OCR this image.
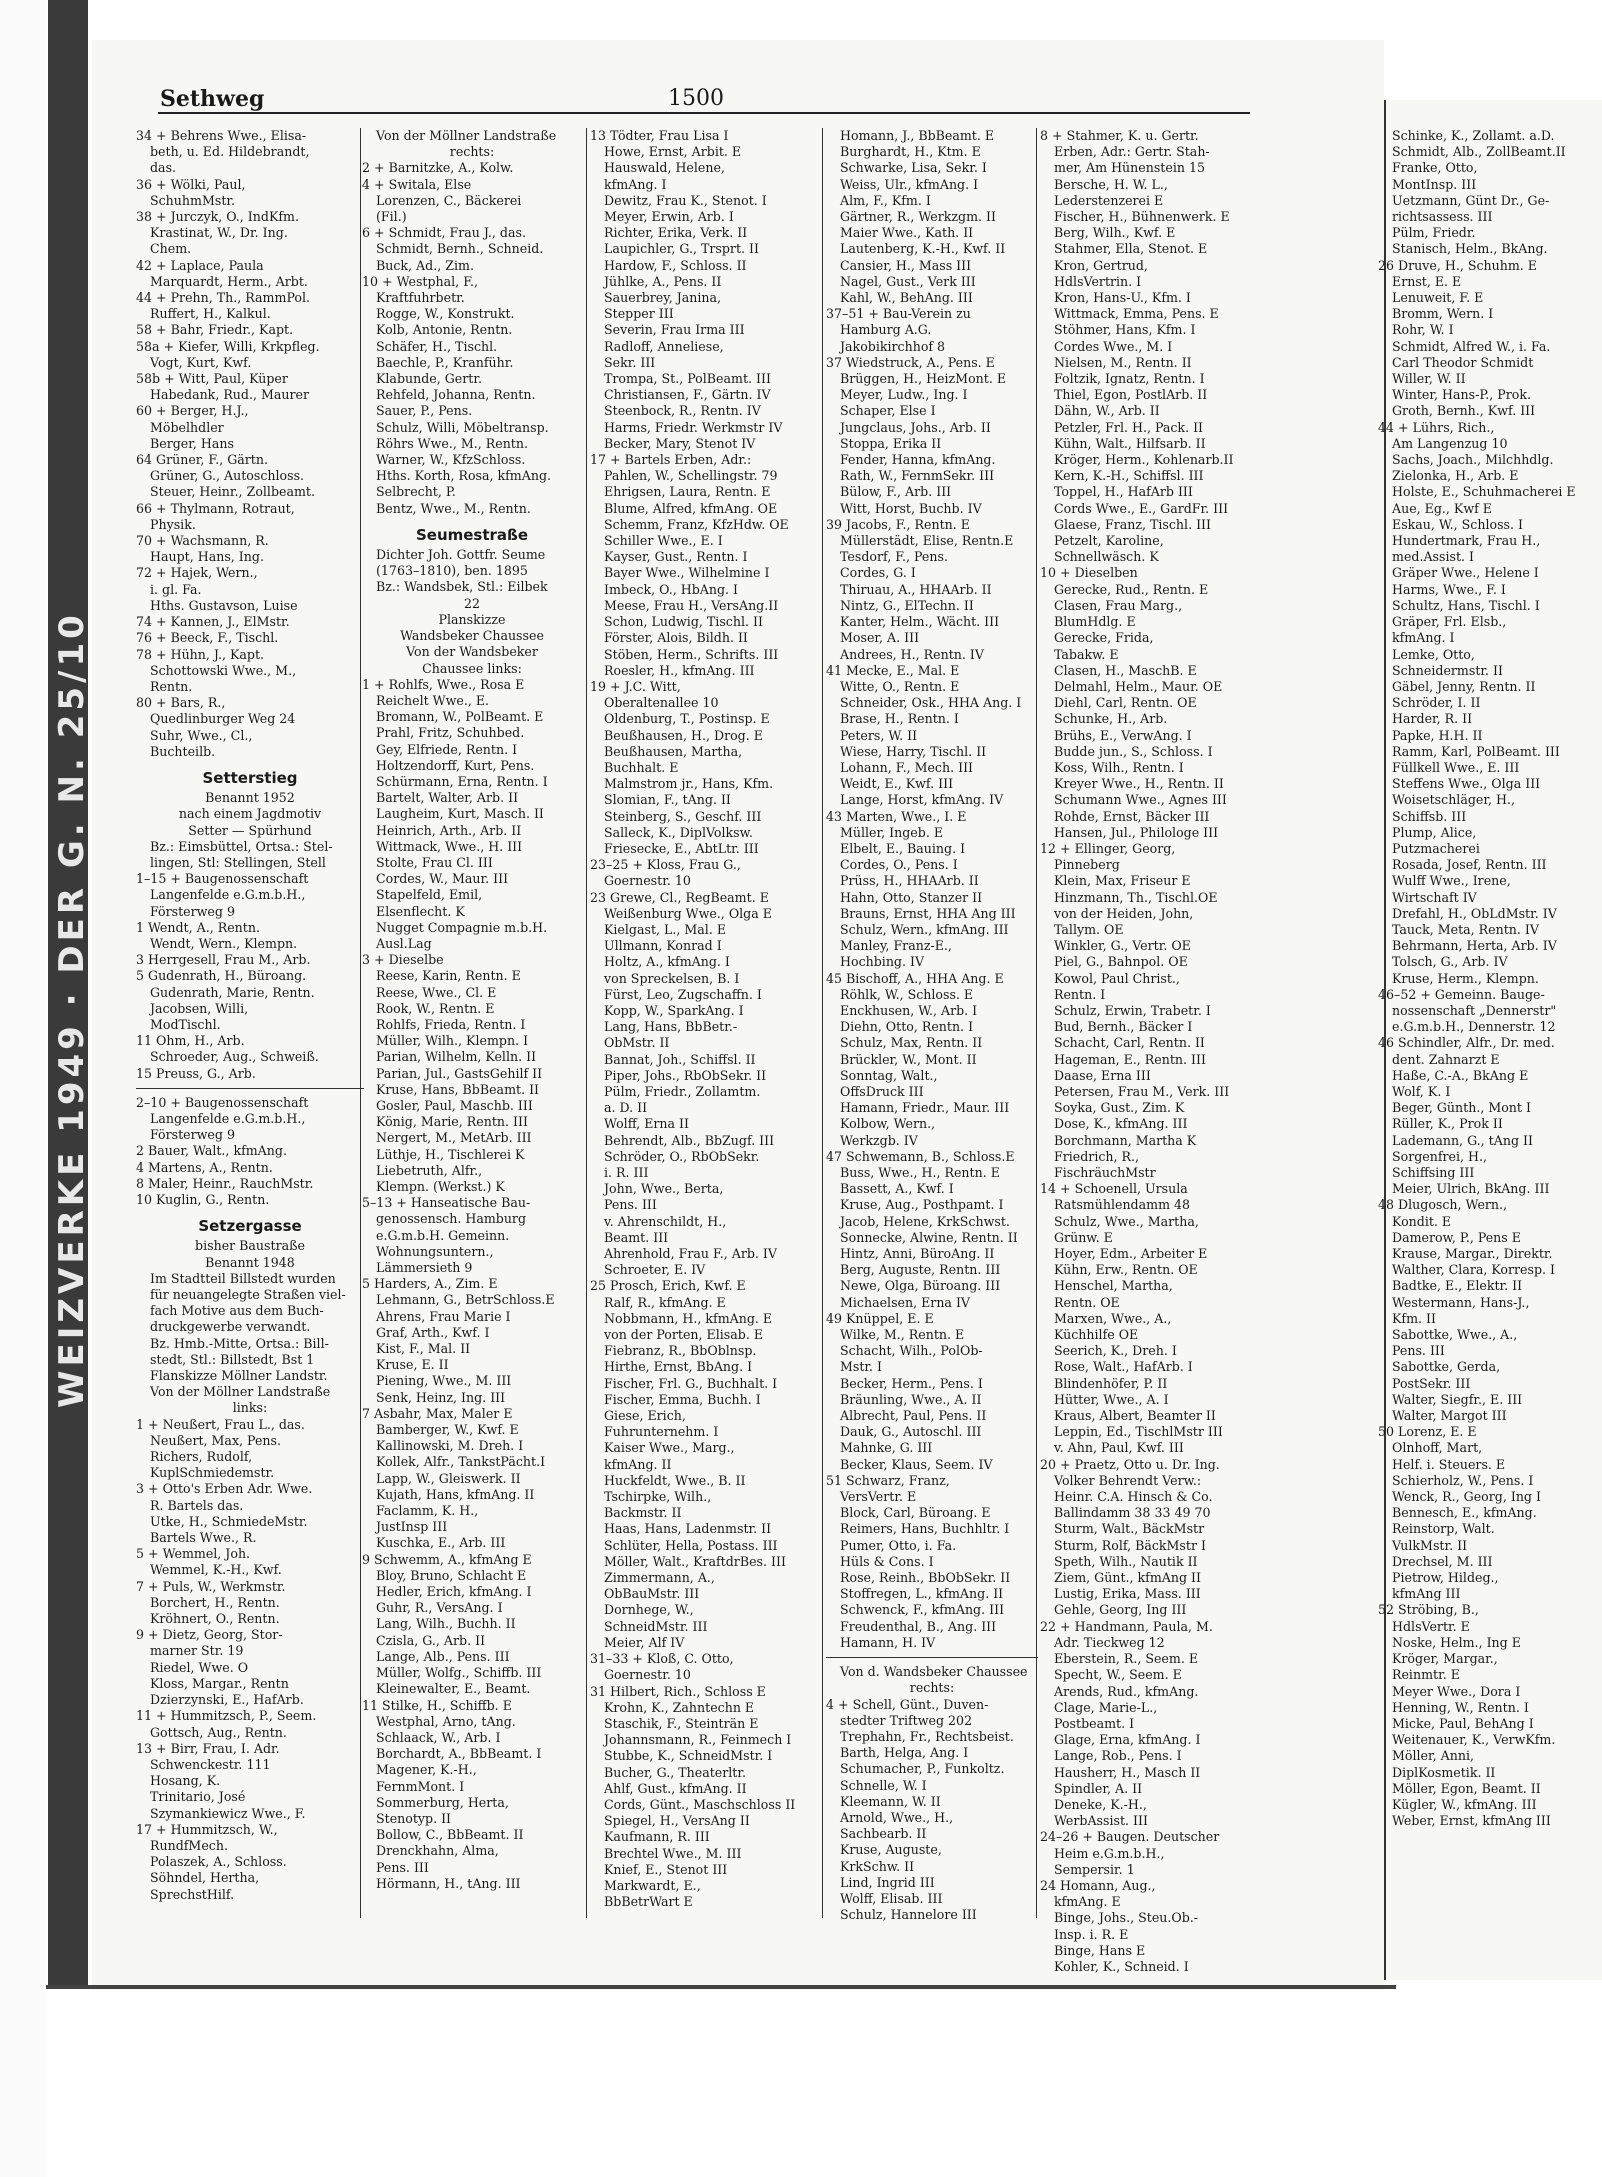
WEIZVERKE 1949 · DER G. N. 25/10
Sethweg	1500

34 + Behrens Wwe., Elisa-

beth, u. Ed. Hildebrandt,

das.

36 + Wölki, Paul,

SchuhmMstr.

38 + Jurczyk, O., IndKfm.

Krastinat, W., Dr. Ing.

Chem.

42 + Laplace, Paula

Marquardt, Herm., Arbt.

44 + Prehn, Th., RammPol.

Ruffert, H., Kalkul.

58 + Bahr, Friedr., Kapt.

58a + Kiefer, Willi, Krkpfleg.

Vogt, Kurt, Kwf.

58b + Witt, Paul, Küper

Habedank, Rud., Maurer

60 + Berger, H.J.,

Möbelhdler

Berger, Hans

64 Grüner, F., Gärtn.

Grüner, G., Autoschloss.

Steuer, Heinr., Zollbeamt.

66 + Thylmann, Rotraut,

Physik.

70 + Wachsmann, R.

Haupt, Hans, Ing.

72 + Hajek, Wern.,

i. gl. Fa.

Hths. Gustavson, Luise

74 + Kannen, J., ElMstr.

76 + Beeck, F., Tischl.

78 + Hühn, J., Kapt.

Schottowski Wwe., M.,

Rentn.

80 + Bars, R.,

Quedlinburger Weg 24

Suhr, Wwe., Cl.,

Buchteilb.

Setterstieg

Benannt 1952

nach einem Jagdmotiv

Setter — Spürhund

Bz.: Eimsbüttel, Ortsa.: Stel-

lingen, Stl: Stellingen, Stell

1–15 + Baugenossenschaft

Langenfelde e.G.m.b.H.,

Försterweg 9

1 Wendt, A., Rentn.

Wendt, Wern., Klempn.

3 Herrgesell, Frau M., Arb.

5 Gudenrath, H., Büroang.

Gudenrath, Marie, Rentn.

Jacobsen, Willi,

ModTischl.

11 Ohm, H., Arb.

Schroeder, Aug., Schweiß.

15 Preuss, G., Arb.

2–10 + Baugenossenschaft

Langenfelde e.G.m.b.H.,

Försterweg 9

2 Bauer, Walt., kfmAng.

4 Martens, A., Rentn.

8 Maler, Heinr., RauchMstr.

10 Kuglin, G., Rentn.

Setzergasse

bisher Baustraße

Benannt 1948

Im Stadtteil Billstedt wurden

für neuangelegte Straßen viel-

fach Motive aus dem Buch-

druckgewerbe verwandt.

Bz. Hmb.-Mitte, Ortsa.: Bill-

stedt, Stl.: Billstedt, Bst 1

Flanskizze Möllner Landstr.

Von der Möllner Landstraße

links:

1 + Neußert, Frau L., das.

Neußert, Max, Pens.

Richers, Rudolf,

KuplSchmiedemstr.

3 + Otto's Erben Adr. Wwe.

R. Bartels das.

Utke, H., SchmiedeMstr.

Bartels Wwe., R.

5 + Wemmel, Joh.

Wemmel, K.-H., Kwf.

7 + Puls, W., Werkmstr.

Borchert, H., Rentn.

Kröhnert, O., Rentn.

9 + Dietz, Georg, Stor-

marner Str. 19

Riedel, Wwe. O

Kloss, Margar., Rentn

Dzierzynski, E., HafArb.

11 + Hummitzsch, P., Seem.

Gottsch, Aug., Rentn.

13 + Birr, Frau, I. Adr.

Schwenckestr. 111

Hosang, K.

Trinitario, José

Szymankiewicz Wwe., F.

17 + Hummitzsch, W.,

RundfMech.

Polaszek, A., Schloss.

Söhndel, Hertha,

SprechstHilf.

Von der Möllner Landstraße

rechts:

2 + Barnitzke, A., Kolw.

4 + Switala, Else

Lorenzen, C., Bäckerei

(Fil.)

6 + Schmidt, Frau J., das.

Schmidt, Bernh., Schneid.

Buck, Ad., Zim.

10 + Westphal, F.,

Kraftfuhrbetr.

Rogge, W., Konstrukt.

Kolb, Antonie, Rentn.

Schäfer, H., Tischl.

Baechle, P., Kranführ.

Klabunde, Gertr.

Rehfeld, Johanna, Rentn.

Sauer, P., Pens.

Schulz, Willi, Möbeltransp.

Röhrs Wwe., M., Rentn.

Warner, W., KfzSchloss.

Hths. Korth, Rosa, kfmAng.

Selbrecht, P.

Bentz, Wwe., M., Rentn.

Seumestraße

Dichter Joh. Gottfr. Seume

(1763–1810), ben. 1895

Bz.: Wandsbek, Stl.: Eilbek

22

Planskizze

Wandsbeker Chaussee

Von der Wandsbeker

Chaussee links:

1 + Rohlfs, Wwe., Rosa E

Reichelt Wwe., E.

Bromann, W., PolBeamt. E

Prahl, Fritz, Schuhbed.

Gey, Elfriede, Rentn. I

Holtzendorff, Kurt, Pens.

Schürmann, Erna, Rentn. I

Bartelt, Walter, Arb. II

Laugheim, Kurt, Masch. II

Heinrich, Arth., Arb. II

Wittmack, Wwe., H. III

Stolte, Frau Cl. III

Cordes, W., Maur. III

Stapelfeld, Emil,

Elsenflecht. K

Nugget Compagnie m.b.H.

Ausl.Lag

3 + Dieselbe

Reese, Karin, Rentn. E

Reese, Wwe., Cl. E

Rook, W., Rentn. E

Rohlfs, Frieda, Rentn. I

Müller, Wilh., Klempn. I

Parian, Wilhelm, Kelln. II

Parian, Jul., GastsGehilf II

Kruse, Hans, BbBeamt. II

Gosler, Paul, Maschb. III

König, Marie, Rentn. III

Nergert, M., MetArb. III

Lüthje, H., Tischlerei K

Liebetruth, Alfr.,

Klempn. (Werkst.) K

5–13 + Hanseatische Bau-

genossensch. Hamburg

e.G.m.b.H. Gemeinn.

Wohnungsuntern.,

Lämmersieth 9

5 Harders, A., Zim. E

Lehmann, G., BetrSchloss.E

Ahrens, Frau Marie I

Graf, Arth., Kwf. I

Kist, F., Mal. II

Kruse, E. II

Piening, Wwe., M. III

Senk, Heinz, Ing. III

7 Asbahr, Max, Maler E

Bamberger, W., Kwf. E

Kallinowski, M. Dreh. I

Kollek, Alfr., TankstPächt.I

Lapp, W., Gleiswerk. II

Kujath, Hans, kfmAng. II

Faclamm, K. H.,

JustInsp III

Kuschka, E., Arb. III

9 Schwemm, A., kfmAng E

Bloy, Bruno, Schlacht E

Hedler, Erich, kfmAng. I

Guhr, R., VersAng. I

Lang, Wilh., Buchh. II

Czisla, G., Arb. II

Lange, Alb., Pens. III

Müller, Wolfg., Schiffb. III

Kleinewalter, E., Beamt.

11 Stilke, H., Schiffb. E

Westphal, Arno, tAng.

Schlaack, W., Arb. I

Borchardt, A., BbBeamt. I

Magener, K.-H.,

FernmMont. I

Sommerburg, Herta,

Stenotyp. II

Bollow, C., BbBeamt. II

Drenckhahn, Alma,

Pens. III

Hörmann, H., tAng. III

13 Tödter, Frau Lisa I

Howe, Ernst, Arbit. E

Hauswald, Helene,

kfmAng. I

Dewitz, Frau K., Stenot. I

Meyer, Erwin, Arb. I

Richter, Erika, Verk. II

Laupichler, G., Trsprt. II

Hardow, F., Schloss. II

Jühlke, A., Pens. II

Sauerbrey, Janina,

Stepper III

Severin, Frau Irma III

Radloff, Anneliese,

Sekr. III

Trompa, St., PolBeamt. III

Christiansen, F., Gärtn. IV

Steenbock, R., Rentn. IV

Harms, Friedr. Werkmstr IV

Becker, Mary, Stenot IV

17 + Bartels Erben, Adr.:

Pahlen, W., Schellingstr. 79

Ehrigsen, Laura, Rentn. E

Blume, Alfred, kfmAng. OE

Schemm, Franz, KfzHdw. OE

Schiller Wwe., E. I

Kayser, Gust., Rentn. I

Bayer Wwe., Wilhelmine I

Imbeck, O., HbAng. I

Meese, Frau H., VersAng.II

Schon, Ludwig, Tischl. II

Förster, Alois, Bildh. II

Stöben, Herm., Schrifts. III

Roesler, H., kfmAng. III

19 + J.C. Witt,

Oberaltenallee 10

Oldenburg, T., Postinsp. E

Beußhausen, H., Drog. E

Beußhausen, Martha,

Buchhalt. E

Malmstrom jr., Hans, Kfm.

Slomian, F., tAng. II

Steinberg, S., Geschf. III

Salleck, K., DiplVolksw.

Friesecke, E., AbtLtr. III

23–25 + Kloss, Frau G.,

Goernestr. 10

23 Grewe, Cl., RegBeamt. E

Weißenburg Wwe., Olga E

Kielgast, L., Mal. E

Ullmann, Konrad I

Holtz, A., kfmAng. I

von Spreckelsen, B. I

Fürst, Leo, Zugschaffn. I

Kopp, W., SparkAng. I

Lang, Hans, BbBetr.-

ObMstr. II

Bannat, Joh., Schiffsl. II

Piper, Johs., RbObSekr. II

Pülm, Friedr., Zollamtm.

a. D. II

Wolff, Erna II

Behrendt, Alb., BbZugf. III

Schröder, O., RbObSekr.

i. R. III

John, Wwe., Berta,

Pens. III

v. Ahrenschildt, H.,

Beamt. III

Ahrenhold, Frau F., Arb. IV

Schroeter, E. IV

25 Prosch, Erich, Kwf. E

Ralf, R., kfmAng. E

Nobbmann, H., kfmAng. E

von der Porten, Elisab. E

Fiebranz, R., BbOblnsp.

Hirthe, Ernst, BbAng. I

Fischer, Frl. G., Buchhalt. I

Fischer, Emma, Buchh. I

Giese, Erich,

Fuhrunternehm. I

Kaiser Wwe., Marg.,

kfmAng. II

Huckfeldt, Wwe., B. II

Tschirpke, Wilh.,

Backmstr. II

Haas, Hans, Ladenmstr. II

Schlüter, Hella, Postass. III

Möller, Walt., KraftdrBes. III

Zimmermann, A.,

ObBauMstr. III

Dornhege, W.,

SchneidMstr. III

Meier, Alf IV

31–33 + Kloß, C. Otto,

Goernestr. 10

31 Hilbert, Rich., Schloss E

Krohn, K., Zahntechn E

Staschik, F., Steinträn E

Johannsmann, R., Feinmech I

Stubbe, K., SchneidMstr. I

Bucher, G., Theaterltr.

Ahlf, Gust., kfmAng. II

Cords, Günt., Maschschloss II

Spiegel, H., VersAng II

Kaufmann, R. III

Brechtel Wwe., M. III

Knief, E., Stenot III

Markwardt, E.,

BbBetrWart E

Homann, J., BbBeamt. E

Burghardt, H., Ktm. E

Schwarke, Lisa, Sekr. I

Weiss, Ulr., kfmAng. I

Alm, F., Kfm. I

Gärtner, R., Werkzgm. II

Maier Wwe., Kath. II

Lautenberg, K.-H., Kwf. II

Cansier, H., Mass III

Nagel, Gust., Verk III

Kahl, W., BehAng. III

37–51 + Bau-Verein zu

Hamburg A.G.

Jakobikirchhof 8

37 Wiedstruck, A., Pens. E

Brüggen, H., HeizMont. E

Meyer, Ludw., Ing. I

Schaper, Else I

Jungclaus, Johs., Arb. II

Stoppa, Erika II

Fender, Hanna, kfmAng.

Rath, W., FernmSekr. III

Bülow, F., Arb. III

Witt, Horst, Buchb. IV

39 Jacobs, F., Rentn. E

Müllerstädt, Elise, Rentn.E

Tesdorf, F., Pens.

Cordes, G. I

Thiruau, A., HHAArb. II

Nintz, G., ElTechn. II

Kanter, Helm., Wächt. III

Moser, A. III

Andrees, H., Rentn. IV

41 Mecke, E., Mal. E

Witte, O., Rentn. E

Schneider, Osk., HHA Ang. I

Brase, H., Rentn. I

Peters, W. II

Wiese, Harry, Tischl. II

Lohann, F., Mech. III

Weidt, E., Kwf. III

Lange, Horst, kfmAng. IV

43 Marten, Wwe., I. E

Müller, Ingeb. E

Elbelt, E., Bauing. I

Cordes, O., Pens. I

Prüss, H., HHAArb. II

Hahn, Otto, Stanzer II

Brauns, Ernst, HHA Ang III

Schulz, Wern., kfmAng. III

Manley, Franz-E.,

Hochbing. IV

45 Bischoff, A., HHA Ang. E

Röhlk, W., Schloss. E

Enckhusen, W., Arb. I

Diehn, Otto, Rentn. I

Schulz, Max, Rentn. II

Brückler, W., Mont. II

Sonntag, Walt.,

OffsDruck III

Hamann, Friedr., Maur. III

Kolbow, Wern.,

Werkzgb. IV

47 Schwemann, B., Schloss.E

Buss, Wwe., H., Rentn. E

Bassett, A., Kwf. I

Kruse, Aug., Posthpamt. I

Jacob, Helene, KrkSchwst.

Sonnecke, Alwine, Rentn. II

Hintz, Anni, BüroAng. II

Berg, Auguste, Rentn. III

Newe, Olga, Büroang. III

Michaelsen, Erna IV

49 Knüppel, E. E

Wilke, M., Rentn. E

Schacht, Wilh., PolOb-

Mstr. I

Becker, Herm., Pens. I

Bräunling, Wwe., A. II

Albrecht, Paul, Pens. II

Dauk, G., Autoschl. III

Mahnke, G. III

Becker, Klaus, Seem. IV

51 Schwarz, Franz,

VersVertr. E

Block, Carl, Büroang. E

Reimers, Hans, Buchhltr. I

Pumer, Otto, i. Fa.

Hüls & Cons. I

Rose, Reinh., BbObSekr. II

Stoffregen, L., kfmAng. II

Schwenck, F., kfmAng. III

Freudenthal, B., Ang. III

Hamann, H. IV

Von d. Wandsbeker Chaussee

rechts:

4 + Schell, Günt., Duven-

stedter Triftweg 202

Trephahn, Fr., Rechtsbeist.

Barth, Helga, Ang. I

Schumacher, P., Funkoltz.

Schnelle, W. I

Kleemann, W. II

Arnold, Wwe., H.,

Sachbearb. II

Kruse, Auguste,

KrkSchw. II

Lind, Ingrid III

Wolff, Elisab. III

Schulz, Hannelore III

8 + Stahmer, K. u. Gertr.

Erben, Adr.: Gertr. Stah-

mer, Am Hünenstein 15

Bersche, H. W. L.,

Lederstenzerei E

Fischer, H., Bühnenwerk. E

Berg, Wilh., Kwf. E

Stahmer, Ella, Stenot. E

Kron, Gertrud,

HdlsVertrin. I

Kron, Hans-U., Kfm. I

Wittmack, Emma, Pens. E

Stöhmer, Hans, Kfm. I

Cordes Wwe., M. I

Nielsen, M., Rentn. II

Foltzik, Ignatz, Rentn. I

Thiel, Egon, PostlArb. II

Dähn, W., Arb. II

Petzler, Frl. H., Pack. II

Kühn, Walt., Hilfsarb. II

Kröger, Herm., Kohlenarb.II

Kern, K.-H., Schiffsl. III

Toppel, H., HafArb III

Cords Wwe., E., GardFr. III

Glaese, Franz, Tischl. III

Petzelt, Karoline,

Schnellwäsch. K

10 + Dieselben

Gerecke, Rud., Rentn. E

Clasen, Frau Marg.,

BlumHdlg. E

Gerecke, Frida,

Tabakw. E

Clasen, H., MaschB. E

Delmahl, Helm., Maur. OE

Diehl, Carl, Rentn. OE

Schunke, H., Arb.

Brühs, E., VerwAng. I

Budde jun., S., Schloss. I

Koss, Wilh., Rentn. I

Kreyer Wwe., H., Rentn. II

Schumann Wwe., Agnes III

Rohde, Ernst, Bäcker III

Hansen, Jul., Philologe III

12 + Ellinger, Georg,

Pinneberg

Klein, Max, Friseur E

Hinzmann, Th., Tischl.OE

von der Heiden, John,

Tallym. OE

Winkler, G., Vertr. OE

Piel, G., Bahnpol. OE

Kowol, Paul Christ.,

Rentn. I

Schulz, Erwin, Trabetr. I

Bud, Bernh., Bäcker I

Schacht, Carl, Rentn. II

Hageman, E., Rentn. III

Daase, Erna III

Petersen, Frau M., Verk. III

Soyka, Gust., Zim. K

Dose, K., kfmAng. III

Borchmann, Martha K

Friedrich, R.,

FischräuchMstr

14 + Schoenell, Ursula

Ratsmühlendamm 48

Schulz, Wwe., Martha,

Grünw. E

Hoyer, Edm., Arbeiter E

Kühn, Erw., Rentn. OE

Henschel, Martha,

Rentn. OE

Marxen, Wwe., A.,

Küchhilfe OE

Seerich, K., Dreh. I

Rose, Walt., HafArb. I

Blindenhöfer, P. II

Hütter, Wwe., A. I

Kraus, Albert, Beamter II

Leppin, Ed., TischlMstr III

v. Ahn, Paul, Kwf. III

20 + Praetz, Otto u. Dr. Ing.

Volker Behrendt Verw.:

Heinr. C.A. Hinsch & Co.

Ballindamm 38 33 49 70

Sturm, Walt., BäckMstr

Sturm, Rolf, BäckMstr I

Speth, Wilh., Nautik II

Ziem, Günt., kfmAng II

Lustig, Erika, Mass. III

Gehle, Georg, Ing III

22 + Handmann, Paula, M.

Adr. Tieckweg 12

Eberstein, R., Seem. E

Specht, W., Seem. E

Arends, Rud., kfmAng.

Clage, Marie-L.,

Postbeamt. I

Glage, Erna, kfmAng. I

Lange, Rob., Pens. I

Hausherr, H., Masch II

Spindler, A. II

Deneke, K.-H.,

WerbAssist. III

24–26 + Baugen. Deutscher

Heim e.G.m.b.H.,

Sempersir. 1

24 Homann, Aug.,

kfmAng. E

Binge, Johs., Steu.Ob.-

Insp. i. R. E

Binge, Hans E

Kohler, K., Schneid. I

Schinke, K., Zollamt. a.D.

Schmidt, Alb., ZollBeamt.II

Franke, Otto,

MontInsp. III

Uetzmann, Günt Dr., Ge-

richtsassess. III

Pülm, Friedr.

Stanisch, Helm., BkAng.

26 Druve, H., Schuhm. E

Ernst, E. E

Lenuweit, F. E

Bromm, Wern. I

Rohr, W. I

Schmidt, Alfred W., i. Fa.

Carl Theodor Schmidt

Willer, W. II

Winter, Hans-P., Prok.

Groth, Bernh., Kwf. III

44 + Lührs, Rich.,

Am Langenzug 10

Sachs, Joach., Milchhdlg.

Zielonka, H., Arb. E

Holste, E., Schuhmacherei E

Aue, Eg., Kwf E

Eskau, W., Schloss. I

Hundertmark, Frau H.,

med.Assist. I

Gräper Wwe., Helene I

Harms, Wwe., F. I

Schultz, Hans, Tischl. I

Gräper, Frl. Elsb.,

kfmAng. I

Lemke, Otto,

Schneidermstr. II

Gäbel, Jenny, Rentn. II

Schröder, I. II

Harder, R. II

Papke, H.H. II

Ramm, Karl, PolBeamt. III

Füllkell Wwe., E. III

Steffens Wwe., Olga III

Woisetschläger, H.,

Schiffsb. III

Plump, Alice,

Putzmacherei

Rosada, Josef, Rentn. III

Wulff Wwe., Irene,

Wirtschaft IV

Drefahl, H., ObLdMstr. IV

Tauck, Meta, Rentn. IV

Behrmann, Herta, Arb. IV

Tolsch, G., Arb. IV

Kruse, Herm., Klempn.

46–52 + Gemeinn. Bauge-

nossenschaft „Dennerstr"

e.G.m.b.H., Dennerstr. 12

46 Schindler, Alfr., Dr. med.

dent. Zahnarzt E

Haße, C.-A., BkAng E

Wolf, K. I

Beger, Günth., Mont I

Rüller, K., Prok II

Lademann, G., tAng II

Sorgenfrei, H.,

Schiffsing III

Meier, Ulrich, BkAng. III

48 Dlugosch, Wern.,

Kondit. E

Damerow, P., Pens E

Krause, Margar., Direktr.

Walther, Clara, Korresp. I

Badtke, E., Elektr. II

Westermann, Hans-J.,

Kfm. II

Sabottke, Wwe., A.,

Pens. III

Sabottke, Gerda,

PostSekr. III

Walter, Siegfr., E. III

Walter, Margot III

50 Lorenz, E. E

Olnhoff, Mart,

Helf. i. Steuers. E

Schierholz, W., Pens. I

Wenck, R., Georg, Ing I

Bennesch, E., kfmAng.

Reinstorp, Walt.

VulkMstr. II

Drechsel, M. III

Pietrow, Hildeg.,

kfmAng III

52 Ströbing, B.,

HdlsVertr. E

Noske, Helm., Ing E

Kröger, Margar.,

Reinmtr. E

Meyer Wwe., Dora I

Henning, W., Rentn. I

Micke, Paul, BehAng I

Weitenauer, K., VerwKfm.

Möller, Anni,

DiplKosmetik. II

Möller, Egon, Beamt. II

Kügler, W., kfmAng. III

Weber, Ernst, kfmAng III
